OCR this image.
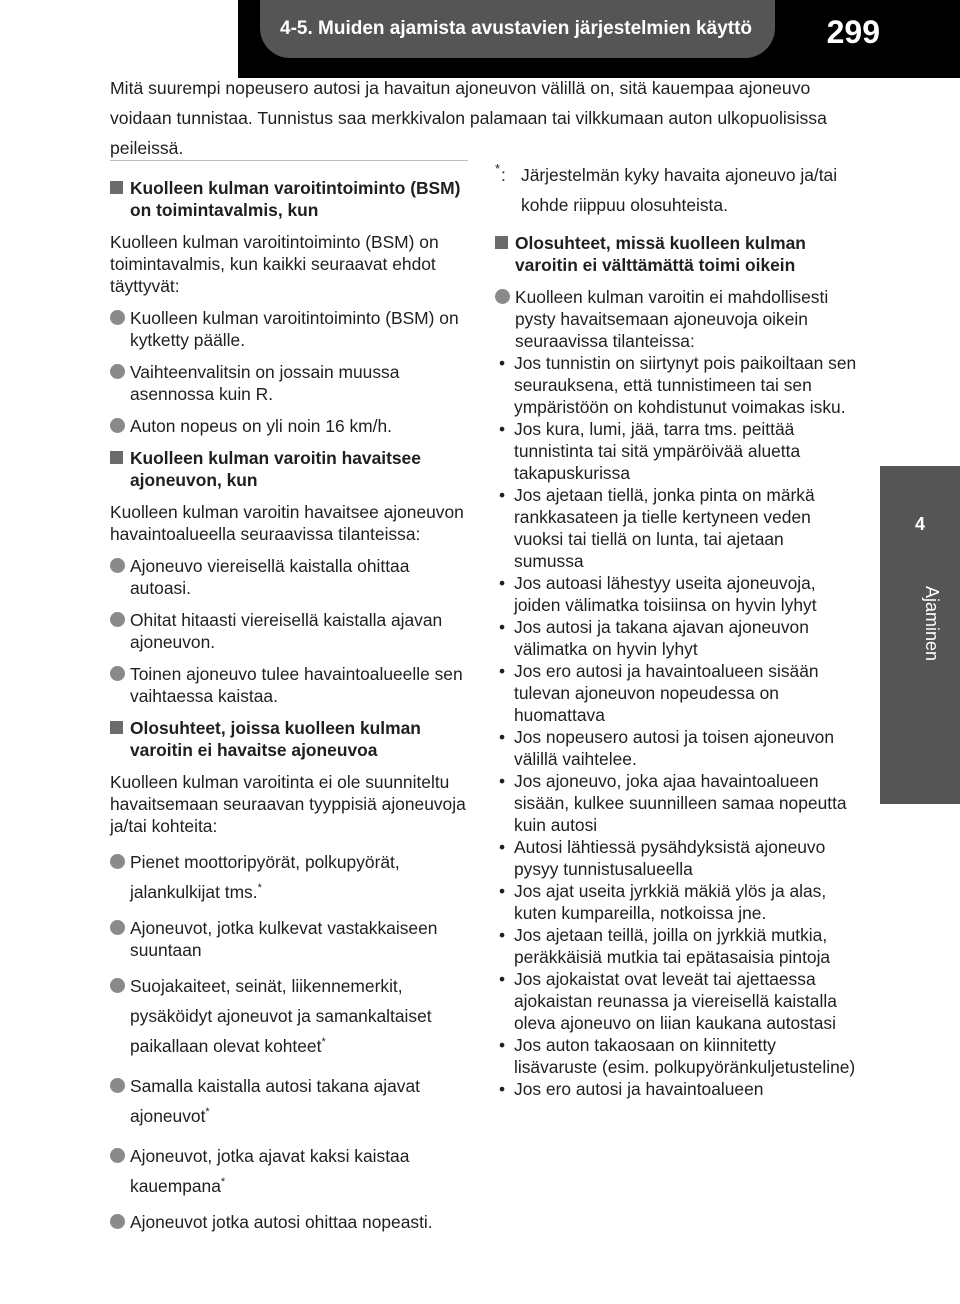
4-5. Muiden ajamista avustavien järjestelmien käyttö 299
4
Ajaminen
Mitä suurempi nopeusero autosi ja havaitun ajoneuvon välillä on, sitä kauempaa ajoneuvo voidaan tunnistaa. Tunnistus saa merkkivalon palamaan tai vilkkumaan auton ulkopuolisissa peileissä.
Kuolleen kulman varoitintoiminto (BSM) on toimintavalmis, kun
Kuolleen kulman varoitintoiminto (BSM) on toimintavalmis, kun kaikki seuraavat ehdot täyttyvät:
Kuolleen kulman varoitintoiminto (BSM) on kytketty päälle.
Vaihteenvalitsin on jossain muussa asennossa kuin R.
Auton nopeus on yli noin 16 km/h.
Kuolleen kulman varoitin havaitsee ajoneuvon, kun
Kuolleen kulman varoitin havaitsee ajoneuvon havaintoalueella seuraavissa tilanteissa:
Ajoneuvo viereisellä kaistalla ohittaa autoasi.
Ohitat hitaasti viereisellä kaistalla ajavan ajoneuvon.
Toinen ajoneuvo tulee havaintoalueelle sen vaihtaessa kaistaa.
Olosuhteet, joissa kuolleen kulman varoitin ei havaitse ajoneuvoa
Kuolleen kulman varoitinta ei ole suunniteltu havaitsemaan seuraavan tyyppisiä ajoneuvoja ja/tai kohteita:
Pienet moottoripyörät, polkupyörät, jalankulkijat tms.*
Ajoneuvot, jotka kulkevat vastakkaiseen suuntaan
Suojakaiteet, seinät, liikennemerkit, pysäköidyt ajoneuvot ja samankaltaiset paikallaan olevat kohteet*
Samalla kaistalla autosi takana ajavat ajoneuvot*
Ajoneuvot, jotka ajavat kaksi kaistaa kauempana*
Ajoneuvot jotka autosi ohittaa nopeasti.
* : Järjestelmän kyky havaita ajoneuvo ja/tai kohde riippuu olosuhteista.
Olosuhteet, missä kuolleen kulman varoitin ei välttämättä toimi oikein
Kuolleen kulman varoitin ei mahdollisesti pysty havaitsemaan ajoneuvoja oikein seuraavissa tilanteissa:
• Jos tunnistin on siirtynyt pois paikoiltaan sen seurauksena, että tunnistimeen tai sen ympäristöön on kohdistunut voimakas isku.
• Jos kura, lumi, jää, tarra tms. peittää tunnistinta tai sitä ympäröivää aluetta takapuskurissa
• Jos ajetaan tiellä, jonka pinta on märkä rankkasateen ja tielle kertyneen veden vuoksi tai tiellä on lunta, tai ajetaan sumussa
• Jos autoasi lähestyy useita ajoneuvoja, joiden välimatka toisiinsa on hyvin lyhyt
• Jos autosi ja takana ajavan ajoneuvon välimatka on hyvin lyhyt
• Jos ero autosi ja havaintoalueen sisään tulevan ajoneuvon nopeudessa on huomattava
• Jos nopeusero autosi ja toisen ajoneuvon välillä vaihtelee.
• Jos ajoneuvo, joka ajaa havaintoalueen sisään, kulkee suunnilleen samaa nopeutta kuin autosi
• Autosi lähtiessä pysähdyksistä ajoneuvo pysyy tunnistusalueella
• Jos ajat useita jyrkkiä mäkiä ylös ja alas, kuten kumpareilla, notkoissa jne.
• Jos ajetaan teillä, joilla on jyrkkiä mutkia, peräkkäisiä mutkia tai epätasaisia pintoja
• Jos ajokaistat ovat leveät tai ajettaessa ajokaistan reunassa ja viereisellä kaistalla oleva ajoneuvo on liian kaukana autostasi
• Jos auton takaosaan on kiinnitetty lisävaruste (esim. polkupyöränkuljetusteline)
• Jos ero autosi ja havaintoalueen
